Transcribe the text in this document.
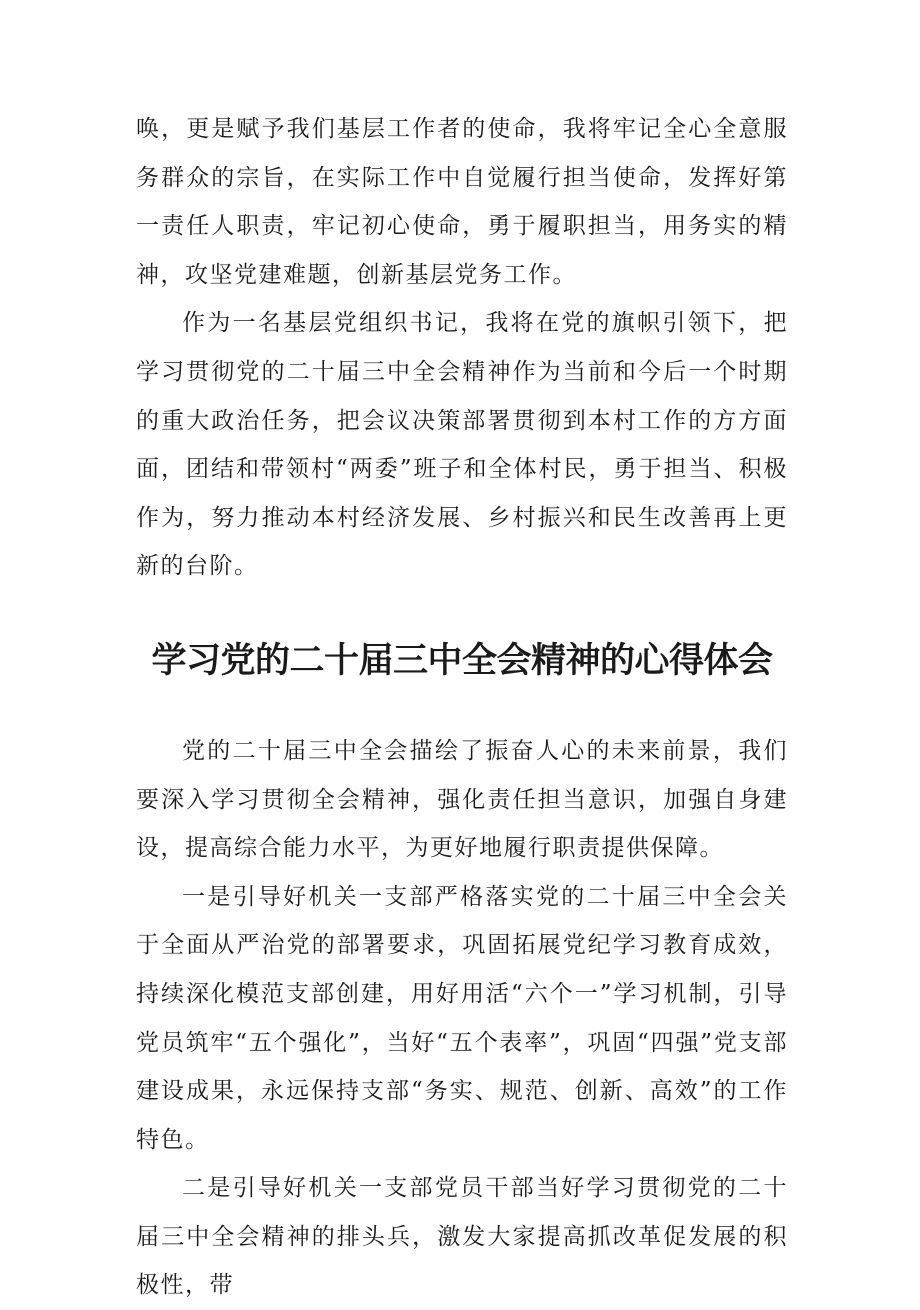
唤，更是赋予我们基层工作者的使命，我将牢记全心全意服务群众的宗旨，在实际工作中自觉履行担当使命，发挥好第一责任人职责，牢记初心使命，勇于履职担当，用务实的精神，攻坚党建难题，创新基层党务工作。

作为一名基层党组织书记，我将在党的旗帜引领下，把学习贯彻党的二十届三中全会精神作为当前和今后一个时期的重大政治任务，把会议决策部署贯彻到本村工作的方方面面，团结和带领村“两委”班子和全体村民，勇于担当、积极作为，努力推动本村经济发展、乡村振兴和民生改善再上更新的台阶。

学习党的二十届三中全会精神的心得体会

党的二十届三中全会描绘了振奋人心的未来前景，我们要深入学习贯彻全会精神，强化责任担当意识，加强自身建设，提高综合能力水平，为更好地履行职责提供保障。

一是引导好机关一支部严格落实党的二十届三中全会关于全面从严治党的部署要求，巩固拓展党纪学习教育成效，持续深化模范支部创建，用好用活“六个一”学习机制，引导党员筑牢“五个强化”，当好“五个表率”，巩固“四强”党支部建设成果，永远保持支部“务实、规范、创新、高效”的工作特色。

二是引导好机关一支部党员干部当好学习贯彻党的二十届三中全会精神的排头兵，激发大家提高抓改革促发展的积极性，带
